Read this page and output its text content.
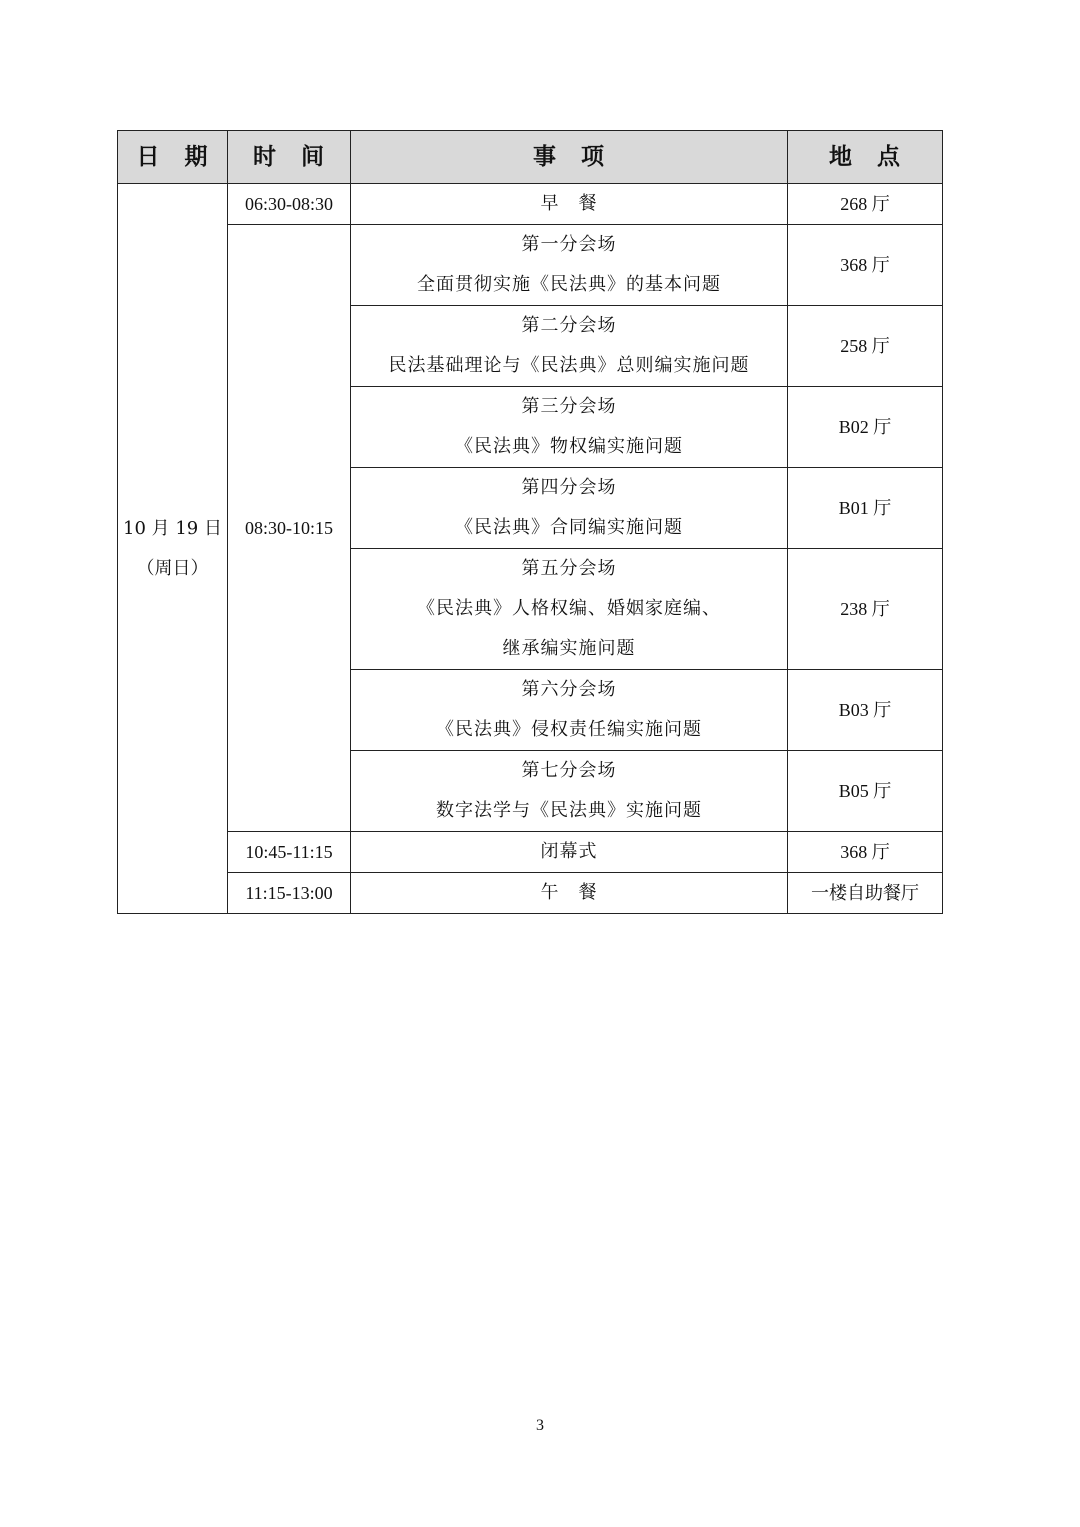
日　期	时　间	事　项	地　点

10 月 19 日
（周日）	06:30-08:30	早　餐	268 厅
	08:30-10:15	第一分会场
全面贯彻实施《民法典》的基本问题	368 厅

		第二分会场
民法基础理论与《民法典》总则编实施问题	258 厅

		第三分会场
《民法典》物权编实施问题	B02 厅

		第四分会场
《民法典》合同编实施问题	B01 厅

		第五分会场
《民法典》人格权编、婚姻家庭编、
继承编实施问题	238 厅

		第六分会场
《民法典》侵权责任编实施问题	B03 厅

		第七分会场
数字法学与《民法典》实施问题	B05 厅
	10:45-11:15	闭幕式	368 厅
	11:15-13:00	午　餐	一楼自助餐厅
3
